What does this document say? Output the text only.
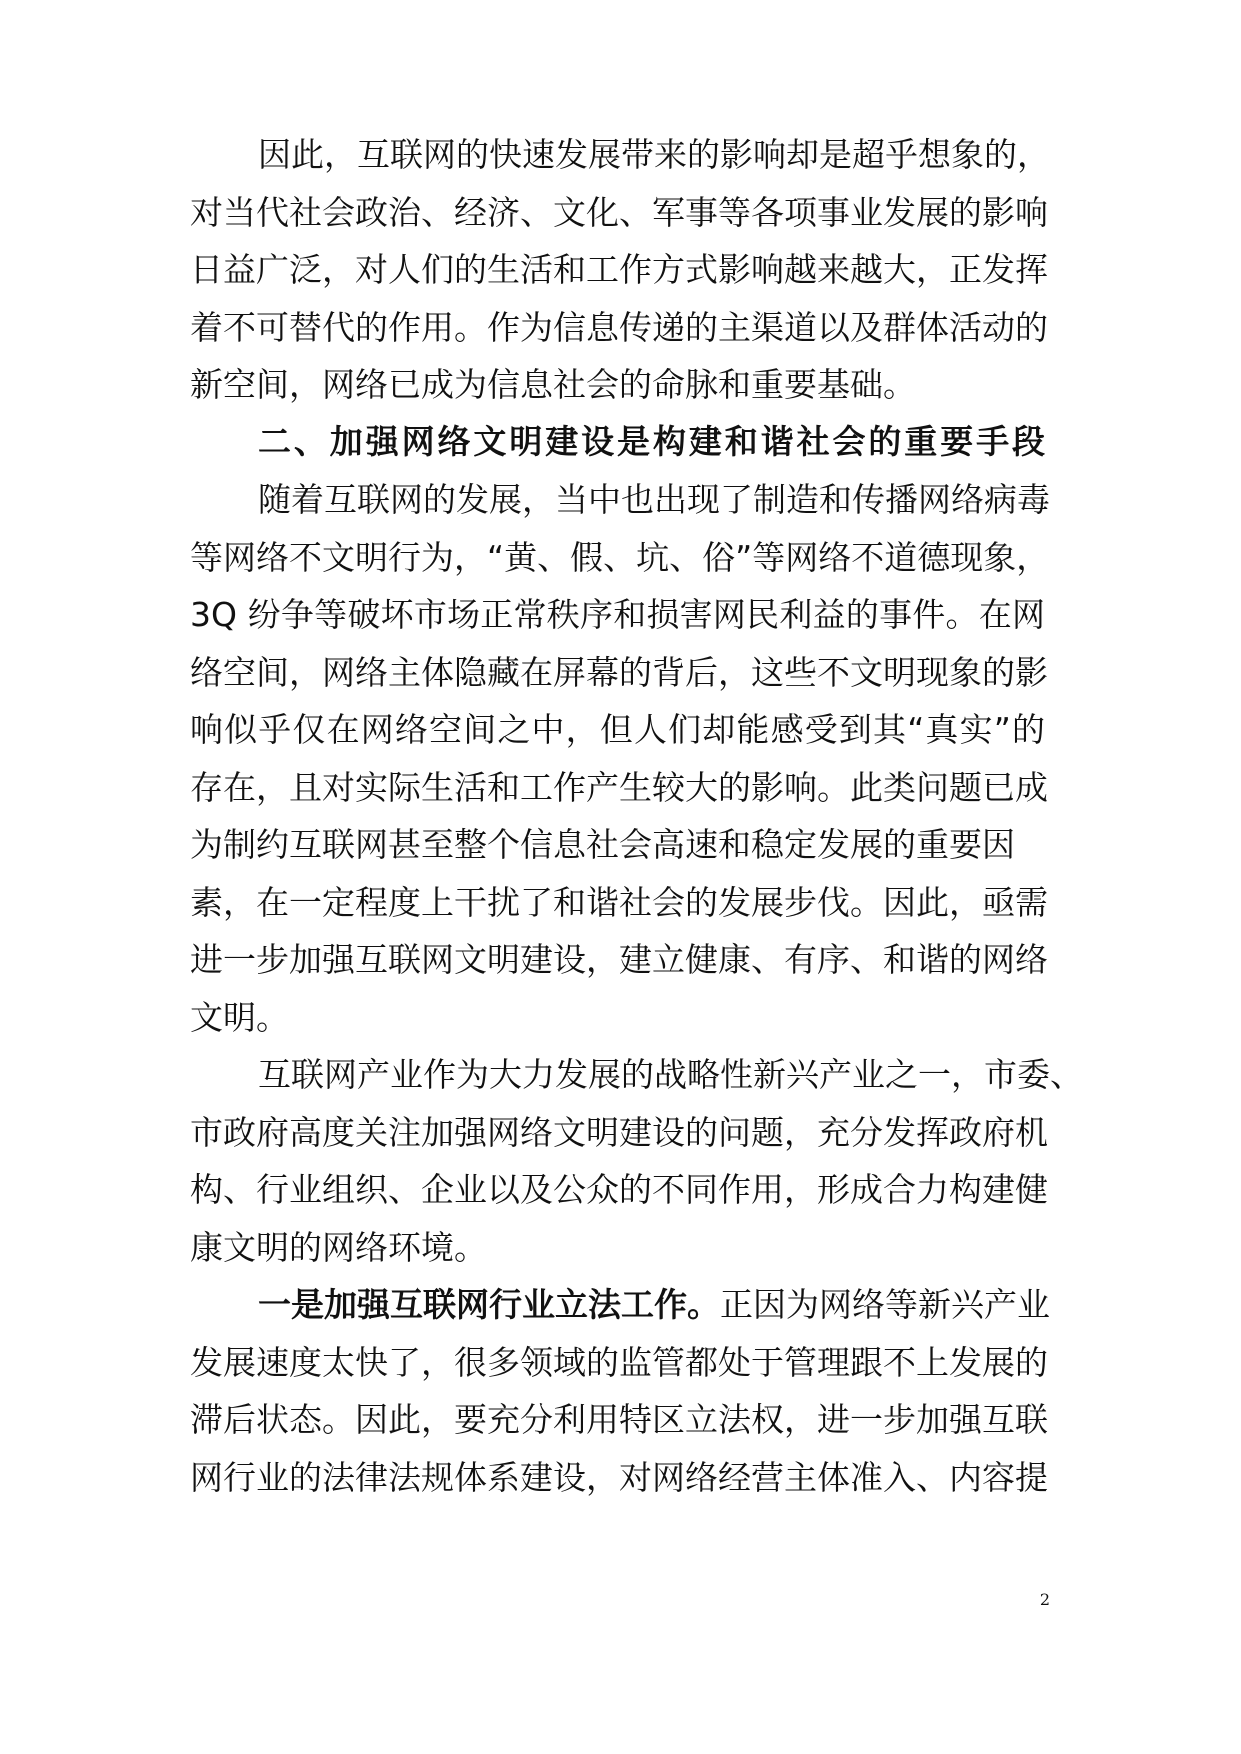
因此，互联网的快速发展带来的影响却是超乎想象的，
对当代社会政治、经济、文化、军事等各项事业发展的影响
日益广泛，对人们的生活和工作方式影响越来越大，正发挥
着不可替代的作用。作为信息传递的主渠道以及群体活动的
新空间，网络已成为信息社会的命脉和重要基础。
二、加强网络文明建设是构建和谐社会的重要手段
随着互联网的发展，当中也出现了制造和传播网络病毒
等网络不文明行为，“黄、假、坑、俗”等网络不道德现象，
3Q 纷争等破坏市场正常秩序和损害网民利益的事件。在网
络空间，网络主体隐藏在屏幕的背后，这些不文明现象的影
响似乎仅在网络空间之中，但人们却能感受到其“真实”的
存在，且对实际生活和工作产生较大的影响。此类问题已成
为制约互联网甚至整个信息社会高速和稳定发展的重要因
素，在一定程度上干扰了和谐社会的发展步伐。因此，亟需
进一步加强互联网文明建设，建立健康、有序、和谐的网络
文明。
互联网产业作为大力发展的战略性新兴产业之一，市委、
市政府高度关注加强网络文明建设的问题，充分发挥政府机
构、行业组织、企业以及公众的不同作用，形成合力构建健
康文明的网络环境。
一是加强互联网行业立法工作。正因为网络等新兴产业
发展速度太快了，很多领域的监管都处于管理跟不上发展的
滞后状态。因此，要充分利用特区立法权，进一步加强互联
网行业的法律法规体系建设，对网络经营主体准入、内容提
2
